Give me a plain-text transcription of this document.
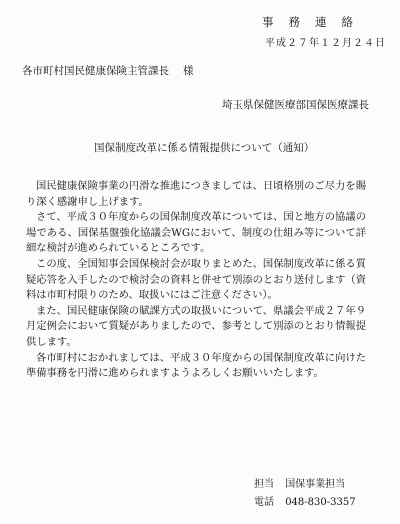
事務連絡
平成２７年１２月２４日
各市町村国民健康保険主管課長 様
埼玉県保健医療部国保医療課長
国保制度改革に係る情報提供について（通知）

国民健康保険事業の円滑な推進につきましては、日頃格別のご尽力を賜り深く感謝申し上げます。

さて、平成３０年度からの国保制度改革については、国と地方の協議の場である、国保基盤強化協議会WGにおいて、制度の仕組み等について詳細な検討が進められているところです。

この度、全国知事会国保検討会が取りまとめた、国保制度改革に係る質疑応答を入手したので検討会の資料と併せて別添のとおり送付します（資料は市町村限りのため、取扱いにはご注意ください）。

また、国民健康保険の賦課方式の取扱いについて、県議会平成２７年９月定例会において質疑がありましたので、参考として別添のとおり情報提供します。

各市町村におかれましては、平成３０年度からの国保制度改革に向けた準備事務を円滑に進められますようよろしくお願いいたします。

担当 国保事業担当
電話 048-830-3357
